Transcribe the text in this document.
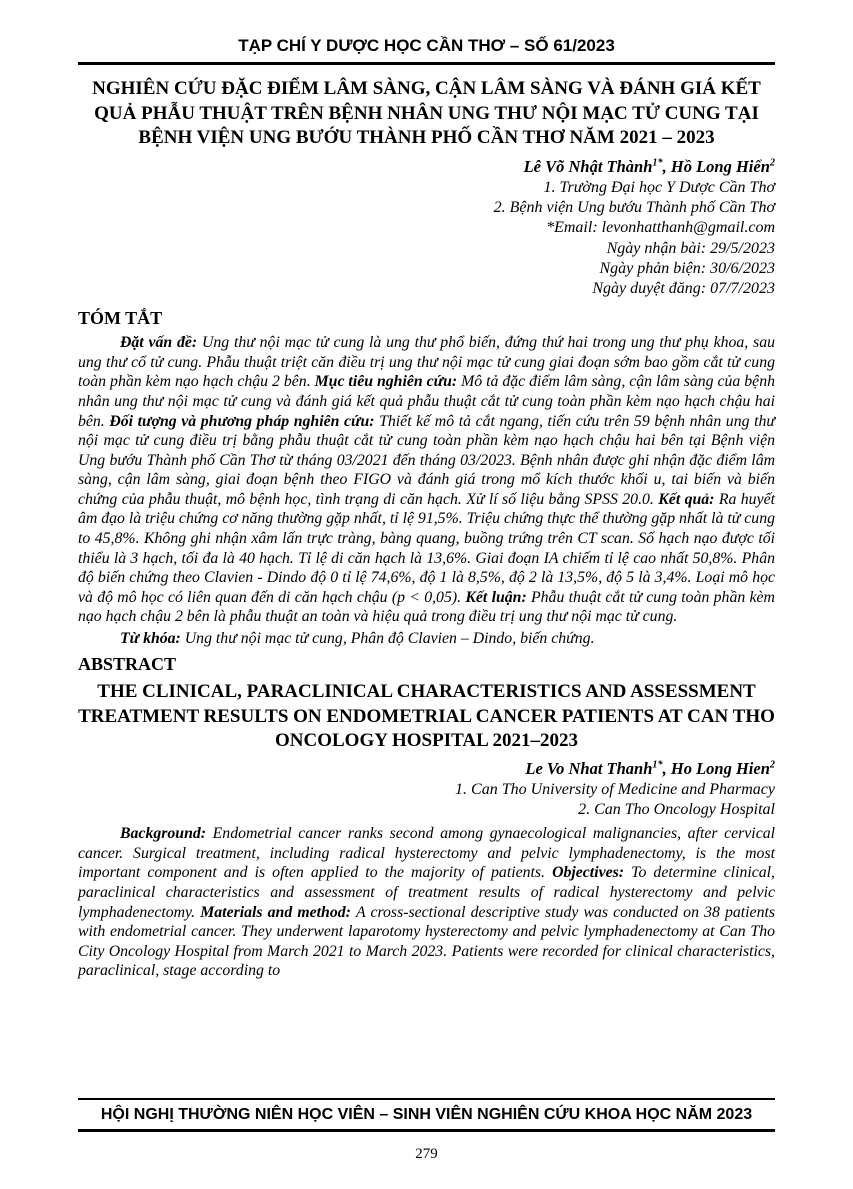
TẠP CHÍ Y DƯỢC HỌC CẦN THƠ – SỐ 61/2023
NGHIÊN CỨU ĐẶC ĐIỂM LÂM SÀNG, CẬN LÂM SÀNG VÀ ĐÁNH GIÁ KẾT QUẢ PHẪU THUẬT TRÊN BỆNH NHÂN UNG THƯ NỘI MẠC TỬ CUNG TẠI BỆNH VIỆN UNG BƯỚU THÀNH PHỐ CẦN THƠ NĂM 2021 – 2023
Lê Võ Nhật Thành$^{1*}$, Hồ Long Hiển$^2$
1. Trường Đại học Y Dược Cần Thơ
2. Bệnh viện Ung bướu Thành phố Cần Thơ
*Email: levonhatthanh@gmail.com
Ngày nhận bài: 29/5/2023
Ngày phản biện: 30/6/2023
Ngày duyệt đăng: 07/7/2023
TÓM TẮT

Đặt vấn đề: Ung thư nội mạc tử cung là ung thư phổ biến, đứng thứ hai trong ung thư phụ khoa, sau ung thư cổ tử cung. Phẫu thuật triệt căn điều trị ung thư nội mạc tử cung giai đoạn sớm bao gồm cắt tử cung toàn phần kèm nạo hạch chậu 2 bên. Mục tiêu nghiên cứu: Mô tả đặc điểm lâm sàng, cận lâm sàng của bệnh nhân ung thư nội mạc tử cung và đánh giá kết quả phẫu thuật cắt tử cung toàn phần kèm nạo hạch chậu hai bên. Đối tượng và phương pháp nghiên cứu: Thiết kế mô tả cắt ngang, tiến cứu trên 59 bệnh nhân ung thư nội mạc tử cung điều trị bằng phẫu thuật cắt tử cung toàn phần kèm nạo hạch chậu hai bên tại Bệnh viện Ung bướu Thành phố Cần Thơ từ tháng 03/2021 đến tháng 03/2023. Bệnh nhân được ghi nhận đặc điểm lâm sàng, cận lâm sàng, giai đoạn bệnh theo FIGO và đánh giá trong mổ kích thước khối u, tai biến và biến chứng của phẫu thuật, mô bệnh học, tình trạng di căn hạch. Xử lí số liệu bằng SPSS 20.0. Kết quả: Ra huyết âm đạo là triệu chứng cơ năng thường gặp nhất, tỉ lệ 91,5%. Triệu chứng thực thể thường gặp nhất là tử cung to 45,8%. Không ghi nhận xâm lấn trực tràng, bàng quang, buồng trứng trên CT scan. Số hạch nạo được tối thiểu là 3 hạch, tối đa là 40 hạch. Tỉ lệ di căn hạch là 13,6%. Giai đoạn IA chiếm tỉ lệ cao nhất 50,8%. Phân độ biến chứng theo Clavien - Dindo độ 0 tỉ lệ 74,6%, độ 1 là 8,5%, độ 2 là 13,5%, độ 5 là 3,4%. Loại mô học và độ mô học có liên quan đến di căn hạch chậu (p < 0,05). Kết luận: Phẫu thuật cắt tử cung toàn phần kèm nạo hạch chậu 2 bên là phẫu thuật an toàn và hiệu quả trong điều trị ung thư nội mạc tử cung.

Từ khóa: Ung thư nội mạc tử cung, Phân độ Clavien – Dindo, biến chứng.

ABSTRACT
THE CLINICAL, PARACLINICAL CHARACTERISTICS AND ASSESSMENT TREATMENT RESULTS ON ENDOMETRIAL CANCER PATIENTS AT CAN THO ONCOLOGY HOSPITAL 2021–2023
Le Vo Nhat Thanh$^{1*}$, Ho Long Hien$^2$
1. Can Tho University of Medicine and Pharmacy
2. Can Tho Oncology Hospital

Background: Endometrial cancer ranks second among gynaecological malignancies, after cervical cancer. Surgical treatment, including radical hysterectomy and pelvic lymphadenectomy, is the most important component and is often applied to the majority of patients. Objectives: To determine clinical, paraclinical characteristics and assessment of treatment results of radical hysterectomy and pelvic lymphadenectomy. Materials and method: A cross-sectional descriptive study was conducted on 38 patients with endometrial cancer. They underwent laparotomy hysterectomy and pelvic lymphadenectomy at Can Tho City Oncology Hospital from March 2021 to March 2023. Patients were recorded for clinical characteristics, paraclinical, stage according to

HỘI NGHỊ THƯỜNG NIÊN HỌC VIÊN – SINH VIÊN NGHIÊN CỨU KHOA HỌC NĂM 2023
279
